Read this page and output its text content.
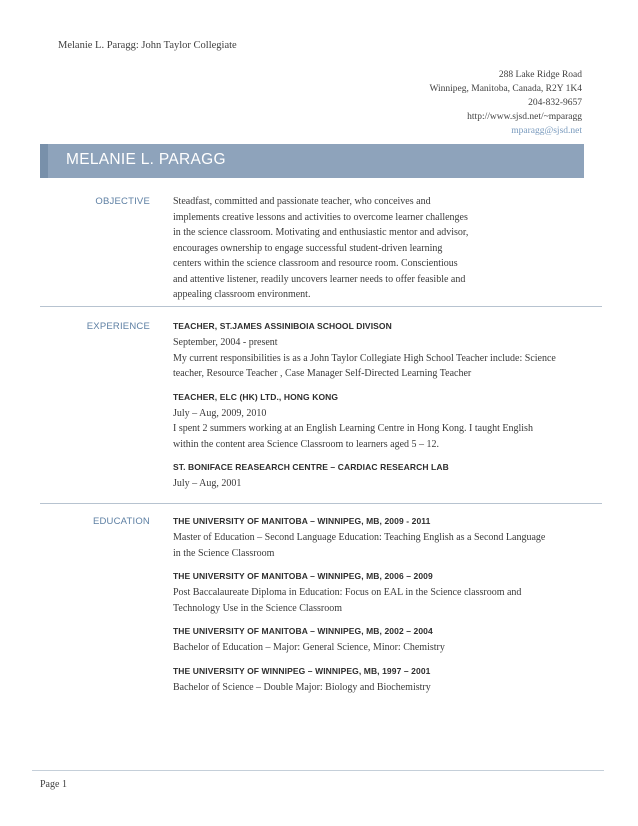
Melanie L. Paragg: John Taylor Collegiate
288 Lake Ridge Road
Winnipeg, Manitoba, Canada, R2Y 1K4
204-832-9657
http://www.sjsd.net/~mparagg
mparagg@sjsd.net
MELANIE L. PARAGG
OBJECTIVE Steadfast, committed and passionate teacher, who conceives and

implements creative lessons and activities to overcome learner challenges

in the science classroom. Motivating and enthusiastic mentor and advisor,

encourages ownership to engage successful student-driven learning

centers within the science classroom and resource room. Conscientious

and attentive listener, readily uncovers learner needs to offer feasible and

appealing classroom environment.

EXPERIENCE	TEACHER, ST.JAMES ASSINIBOIA SCHOOL DIVISON

September, 2004 - present

My current responsibilities is as a John Taylor Collegiate High School Teacher include: Science

teacher, Resource Teacher , Case Manager Self-Directed Learning Teacher

TEACHER, ELC (HK) LTD., HONG KONG

July – Aug, 2009, 2010

I spent 2 summers working at an English Learning Centre in Hong Kong. I taught English

within the content area Science Classroom to learners aged 5 – 12.

ST. BONIFACE REASEARCH CENTRE – CARDIAC RESEARCH LAB

July – Aug, 2001

EDUCATION	THE UNIVERSITY OF MANITOBA – WINNIPEG, MB, 2009 - 2011

Master of Education – Second Language Education: Teaching English as a Second Language

in the Science Classroom

THE UNIVERSITY OF MANITOBA – WINNIPEG, MB, 2006 – 2009

Post Baccalaureate Diploma in Education: Focus on EAL in the Science classroom and

Technology Use in the Science Classroom

THE UNIVERSITY OF MANITOBA – WINNIPEG, MB, 2002 – 2004

Bachelor of Education – Major: General Science, Minor: Chemistry

THE UNIVERSITY OF WINNIPEG – WINNIPEG, MB, 1997 – 2001

Bachelor of Science – Double Major: Biology and Biochemistry

Page 1
